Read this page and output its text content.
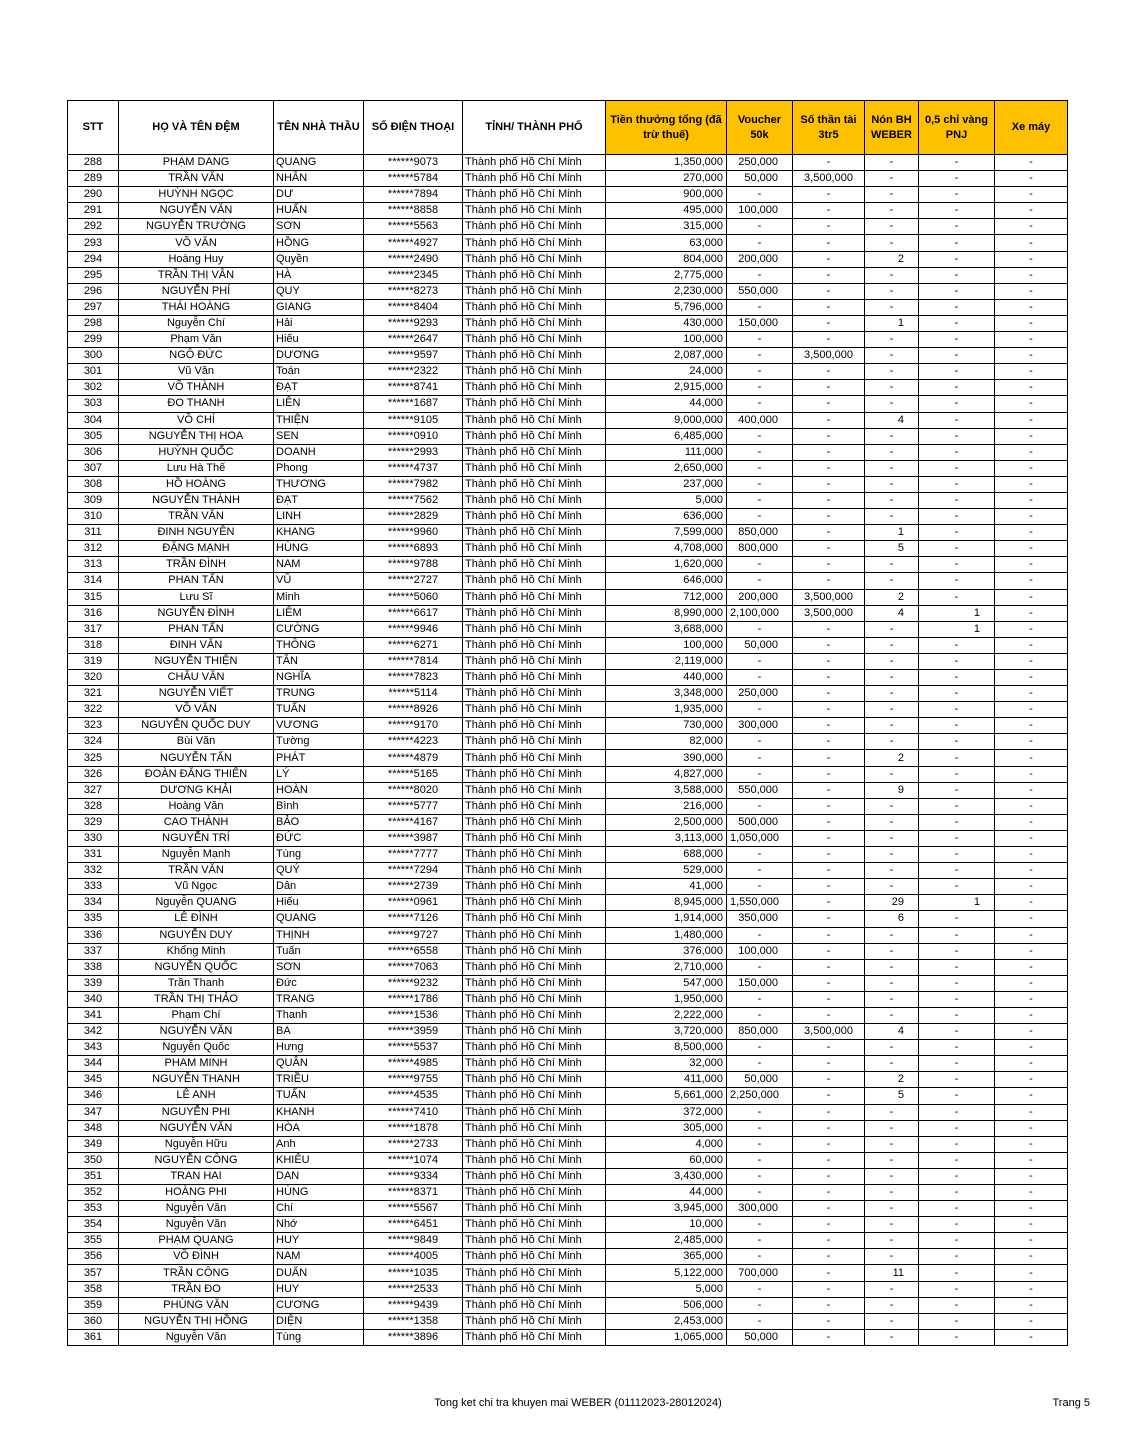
STT	HỌ VÀ TÊN ĐỆM	TÊN NHÀ THẦU	SỐ ĐIỆN THOẠI	TỈNH/ THÀNH PHỐ	Tiền thưởng tổng (đã trừ thuế)	Voucher 50k	Số thần tài 3tr5	Nón BH WEBER	0,5 chỉ vàng PNJ	Xe máy
288	PHẠM DANG	QUANG	******9073	Thành phố Hồ Chí Minh	1,350,000	250,000	-	-	-	-
289	TRẦN VĂN	NHÂN	******5784	Thành phố Hồ Chí Minh	270,000	50,000	3,500,000	-	-	-
290	HUỲNH NGỌC	DƯ	******7894	Thành phố Hồ Chí Minh	900,000	-	-	-	-	-
291	NGUYỄN VĂN	HUẤN	******8858	Thành phố Hồ Chí Minh	495,000	100,000	-	-	-	-
292	NGUYỄN TRƯỜNG	SƠN	******5563	Thành phố Hồ Chí Minh	315,000	-	-	-	-	-
293	VÕ VĂN	HỒNG	******4927	Thành phố Hồ Chí Minh	63,000	-	-	-	-	-
294	Hoàng Huy	Quyền	******2490	Thành phố Hồ Chí Minh	804,000	200,000	-	2	-	-
295	TRẦN THỊ VÂN	HÀ	******2345	Thành phố Hồ Chí Minh	2,775,000	-	-	-	-	-
296	NGUYỄN PHÍ	QUY	******8273	Thành phố Hồ Chí Minh	2,230,000	550,000	-	-	-	-
297	THÁI HOÀNG	GIANG	******8404	Thành phố Hồ Chí Minh	5,796,000	-	-	-	-	-
298	Nguyễn Chí	Hải	******9293	Thành phố Hồ Chí Minh	430,000	150,000	-	1	-	-
299	Phạm Văn	Hiếu	******2647	Thành phố Hồ Chí Minh	100,000	-	-	-	-	-
300	NGÔ ĐỨC	DƯƠNG	******9597	Thành phố Hồ Chí Minh	2,087,000	-	3,500,000	-	-	-
301	Vũ Văn	Toán	******2322	Thành phố Hồ Chí Minh	24,000	-	-	-	-	-
302	VÕ THÀNH	ĐẠT	******8741	Thành phố Hồ Chí Minh	2,915,000	-	-	-	-	-
303	ĐO THANH	LIÊN	******1687	Thành phố Hồ Chí Minh	44,000	-	-	-	-	-
304	VÕ CHÍ	THIỆN	******9105	Thành phố Hồ Chí Minh	9,000,000	400,000	-	4	-	-
305	NGUYỄN THỊ HOA	SEN	******0910	Thành phố Hồ Chí Minh	6,485,000	-	-	-	-	-
306	HUỲNH QUỐC	DOANH	******2993	Thành phố Hồ Chí Minh	111,000	-	-	-	-	-
307	Lưu Hà Thế	Phong	******4737	Thành phố Hồ Chí Minh	2,650,000	-	-	-	-	-
308	HỒ HOÀNG	THƯƠNG	******7982	Thành phố Hồ Chí Minh	237,000	-	-	-	-	-
309	NGUYỄN THÀNH	ĐẠT	******7562	Thành phố Hồ Chí Minh	5,000	-	-	-	-	-
310	TRẦN VĂN	LINH	******2829	Thành phố Hồ Chí Minh	636,000	-	-	-	-	-
311	ĐINH NGUYÊN	KHANG	******9960	Thành phố Hồ Chí Minh	7,599,000	850,000	-	1	-	-
312	ĐẶNG MẠNH	HÙNG	******6893	Thành phố Hồ Chí Minh	4,708,000	800,000	-	5	-	-
313	TRẦN ĐÌNH	NAM	******9788	Thành phố Hồ Chí Minh	1,620,000	-	-	-	-	-
314	PHAN TẤN	VŨ	******2727	Thành phố Hồ Chí Minh	646,000	-	-	-	-	-
315	Lưu Sĩ	Minh	******5060	Thành phố Hồ Chí Minh	712,000	200,000	3,500,000	2	-	-
316	NGUYỄN ĐÌNH	LIÊM	******6617	Thành phố Hồ Chí Minh	8,990,000	2,100,000	3,500,000	4	1	-
317	PHAN TẤN	CƯỜNG	******9946	Thành phố Hồ Chí Minh	3,688,000	-	-	-	1	-
318	ĐINH VĂN	THÔNG	******6271	Thành phố Hồ Chí Minh	100,000	50,000	-	-	-	-
319	NGUYỄN THIỆN	TÂN	******7814	Thành phố Hồ Chí Minh	2,119,000	-	-	-	-	-
320	CHÂU VĂN	NGHĨA	******7823	Thành phố Hồ Chí Minh	440,000	-	-	-	-	-
321	NGUYỄN VIẾT	TRUNG	******5114	Thành phố Hồ Chí Minh	3,348,000	250,000	-	-	-	-
322	VÕ VĂN	TUẤN	******8926	Thành phố Hồ Chí Minh	1,935,000	-	-	-	-	-
323	NGUYỄN QUỐC DUY	VƯƠNG	******9170	Thành phố Hồ Chí Minh	730,000	300,000	-	-	-	-
324	Bùi Văn	Tường	******4223	Thành phố Hồ Chí Minh	82,000	-	-	-	-	-
325	NGUYỄN TẤN	PHÁT	******4879	Thành phố Hồ Chí Minh	390,000	-	-	2	-	-
326	ĐOÀN ĐĂNG THIÊN	LÝ	******5165	Thành phố Hồ Chí Minh	4,827,000	-	-	-	-	-
327	DƯƠNG KHẢI	HOÀN	******8020	Thành phố Hồ Chí Minh	3,588,000	550,000	-	9	-	-
328	Hoàng Văn	Bình	******5777	Thành phố Hồ Chí Minh	216,000	-	-	-	-	-
329	CAO THÀNH	BẢO	******4167	Thành phố Hồ Chí Minh	2,500,000	500,000	-	-	-	-
330	NGUYỄN TRÍ	ĐỨC	******3987	Thành phố Hồ Chí Minh	3,113,000	1,050,000	-	-	-	-
331	Nguyễn Mạnh	Tùng	******7777	Thành phố Hồ Chí Minh	688,000	-	-	-	-	-
332	TRẦN VĂN	QUÝ	******7294	Thành phố Hồ Chí Minh	529,000	-	-	-	-	-
333	Vũ Ngọc	Dân	******2739	Thành phố Hồ Chí Minh	41,000	-	-	-	-	-
334	Nguyễn QUANG	Hiếu	******0961	Thành phố Hồ Chí Minh	8,945,000	1,550,000	-	29	1	-
335	LÊ ĐÌNH	QUANG	******7126	Thành phố Hồ Chí Minh	1,914,000	350,000	-	6	-	-
336	NGUYỄN DUY	THỊNH	******9727	Thành phố Hồ Chí Minh	1,480,000	-	-	-	-	-
337	Khổng Minh	Tuấn	******6558	Thành phố Hồ Chí Minh	376,000	100,000	-	-	-	-
338	NGUYỄN QUỐC	SƠN	******7063	Thành phố Hồ Chí Minh	2,710,000	-	-	-	-	-
339	Trần Thanh	Đức	******9232	Thành phố Hồ Chí Minh	547,000	150,000	-	-	-	-
340	TRẦN THỊ THẢO	TRANG	******1786	Thành phố Hồ Chí Minh	1,950,000	-	-	-	-	-
341	Phạm Chí	Thanh	******1536	Thành phố Hồ Chí Minh	2,222,000	-	-	-	-	-
342	NGUYỄN VĂN	BA	******3959	Thành phố Hồ Chí Minh	3,720,000	850,000	3,500,000	4	-	-
343	Nguyễn Quốc	Hưng	******5537	Thành phố Hồ Chí Minh	8,500,000	-	-	-	-	-
344	PHAM MINH	QUÂN	******4985	Thành phố Hồ Chí Minh	32,000	-	-	-	-	-
345	NGUYỄN THANH	TRIỀU	******9755	Thành phố Hồ Chí Minh	411,000	50,000	-	2	-	-
346	LÊ ANH	TUẤN	******4535	Thành phố Hồ Chí Minh	5,661,000	2,250,000	-	5	-	-
347	NGUYỄN PHI	KHANH	******7410	Thành phố Hồ Chí Minh	372,000	-	-	-	-	-
348	NGUYỄN VĂN	HÒA	******1878	Thành phố Hồ Chí Minh	305,000	-	-	-	-	-
349	Nguyễn Hữu	Anh	******2733	Thành phố Hồ Chí Minh	4,000	-	-	-	-	-
350	NGUYỄN CÔNG	KHIÊU	******1074	Thành phố Hồ Chí Minh	60,000	-	-	-	-	-
351	TRAN HAI	DAN	******9334	Thành phố Hồ Chí Minh	3,430,000	-	-	-	-	-
352	HOÀNG PHI	HÙNG	******8371	Thành phố Hồ Chí Minh	44,000	-	-	-	-	-
353	Nguyễn Văn	Chí	******5567	Thành phố Hồ Chí Minh	3,945,000	300,000	-	-	-	-
354	Nguyễn Văn	Nhớ	******6451	Thành phố Hồ Chí Minh	10,000	-	-	-	-	-
355	PHẠM QUANG	HUY	******9849	Thành phố Hồ Chí Minh	2,485,000	-	-	-	-	-
356	VÕ ĐÌNH	NAM	******4005	Thành phố Hồ Chí Minh	365,000	-	-	-	-	-
357	TRẦN CÔNG	DUẨN	******1035	Thành phố Hồ Chí Minh	5,122,000	700,000	-	11	-	-
358	TRẦN ĐO	HUY	******2533	Thành phố Hồ Chí Minh	5,000	-	-	-	-	-
359	PHÙNG VĂN	CƯƠNG	******9439	Thành phố Hồ Chí Minh	506,000	-	-	-	-	-
360	NGUYỄN THỊ HỒNG	DIỆN	******1358	Thành phố Hồ Chí Minh	2,453,000	-	-	-	-	-
361	Nguyễn Văn	Tùng	******3896	Thành phố Hồ Chí Minh	1,065,000	50,000	-	-	-	-
Tong ket chi tra khuyen mai WEBER (01112023-28012024)	Trang 5
